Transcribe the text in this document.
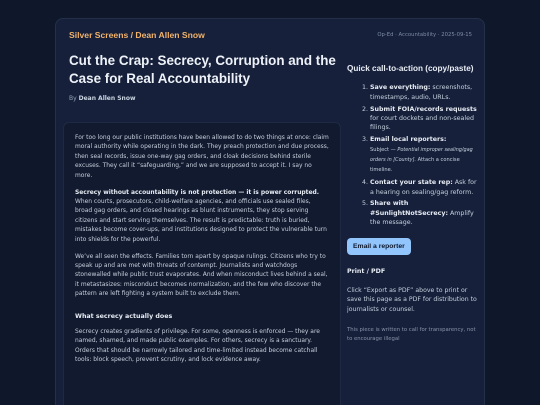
Silver Screens / Dean Allen Snow	Op-Ed · Accountability · 2025-09-15
Cut the Crap: Secrecy, Corruption and the Case for Real Accountability
By Dean Allen Snow

For too long our public institutions have been allowed to do two things at once: claim moral authority while operating in the dark. They preach protection and due process, then seal records, issue one-way gag orders, and cloak decisions behind sterile excuses. They call it “safeguarding,” and we are supposed to accept it. I say no more.

Secrecy without accountability is not protection — it is power corrupted. When courts, prosecutors, child-welfare agencies, and officials use sealed files, broad gag orders, and closed hearings as blunt instruments, they stop serving citizens and start serving themselves. The result is predictable: truth is buried, mistakes become cover-ups, and institutions designed to protect the vulnerable turn into shields for the powerful.

We’ve all seen the effects. Families torn apart by opaque rulings. Citizens who try to speak up and are met with threats of contempt. Journalists and watchdogs stonewalled while public trust evaporates. And when misconduct lives behind a seal, it metastasizes: misconduct becomes normalization, and the few who discover the pattern are left fighting a system built to exclude them.

What secrecy actually does

Secrecy creates gradients of privilege. For some, openness is enforced — they are named, shamed, and made public examples. For others, secrecy is a sanctuary. Orders that should be narrowly tailored and time-limited instead become catchall tools: block speech, prevent scrutiny, and lock evidence away.

Quick call-to-action (copy/paste)
1. Save everything: screenshots, timestamps, audio, URLs.
2. Submit FOIA/records requests for court dockets and non-sealed filings.
3. Email local reporters:
Subject — Potential improper sealing/gag orders in [County]. Attach a concise timeline.
4. Contact your state rep: Ask for a hearing on sealing/gag reform.
5. Share with #SunlightNotSecrecy: Amplify the message.
Email a reporter
Print / PDF
Click “Export as PDF” above to print or save this page as a PDF for distribution to journalists or counsel.
This piece is written to call for transparency, not to encourage illegal
